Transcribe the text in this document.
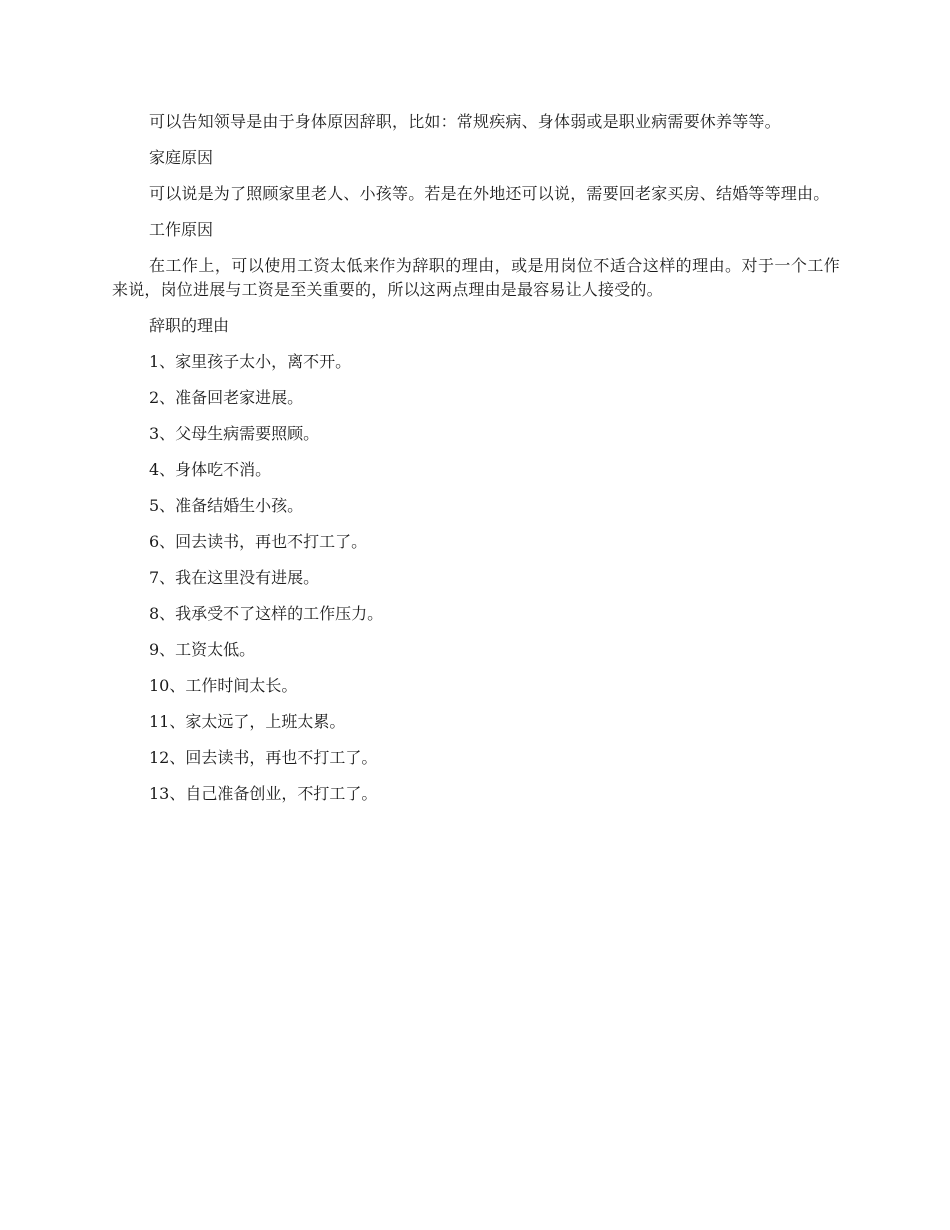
可以告知领导是由于身体原因辞职，比如：常规疾病、身体弱或是职业病需要休养等等。

家庭原因

可以说是为了照顾家里老人、小孩等。若是在外地还可以说，需要回老家买房、结婚等等理由。

工作原因

在工作上，可以使用工资太低来作为辞职的理由，或是用岗位不适合这样的理由。对于一个工作来说，岗位进展与工资是至关重要的，所以这两点理由是最容易让人接受的。

辞职的理由

1、家里孩子太小，离不开。
2、准备回老家进展。
3、父母生病需要照顾。
4、身体吃不消。
5、准备结婚生小孩。
6、回去读书，再也不打工了。
7、我在这里没有进展。
8、我承受不了这样的工作压力。
9、工资太低。
10、工作时间太长。
11、家太远了，上班太累。
12、回去读书，再也不打工了。
13、自己准备创业，不打工了。
